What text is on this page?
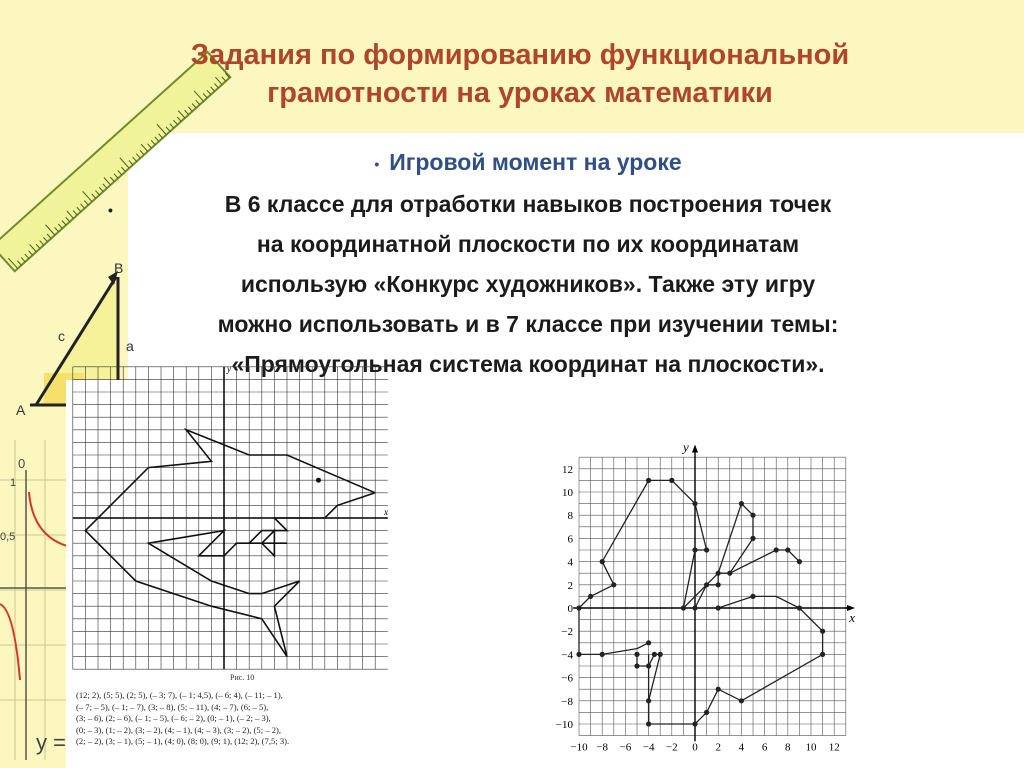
B
c
a
A
0
1
0,5
y =
Задания по формированию функциональной
грамотности на уроках математики
• Игровой момент на уроке
•	В 6 классе для отработки навыков построения точек
на координатной плоскости по их координатам
использую «Конкурс художников». Также эту игру
можно использовать и в 7 классе при изучении темы:
«Прямоугольная система координат на плоскости».
x
y
Рис. 10
(12; 2), (5; 5), (2; 5), (– 3; 7), (– 1; 4,5), (– 6; 4), (– 11; – 1),
(– 7; – 5), (– 1; – 7), (3; – 8), (5; – 11), (4; – 7), (6; – 5),
(3; – 6), (2; – 6), (– 1; – 5), (– 6; – 2), (0; – 1), (– 2; – 3),
(0; – 3), (1; – 2), (3; – 2), (4; – 1), (4; – 3), (3; – 2), (5; – 2),
(2; – 2), (3; – 1), (5; – 1), (4; 0), (8; 0), (9; 1), (12; 2), (7,5; 3).
−10 −8 −6 −4 −2 0 2 4 6 8 10 12
12
10
8
6
4
2
0
−2
−4
−6
−8
−10
x
y
